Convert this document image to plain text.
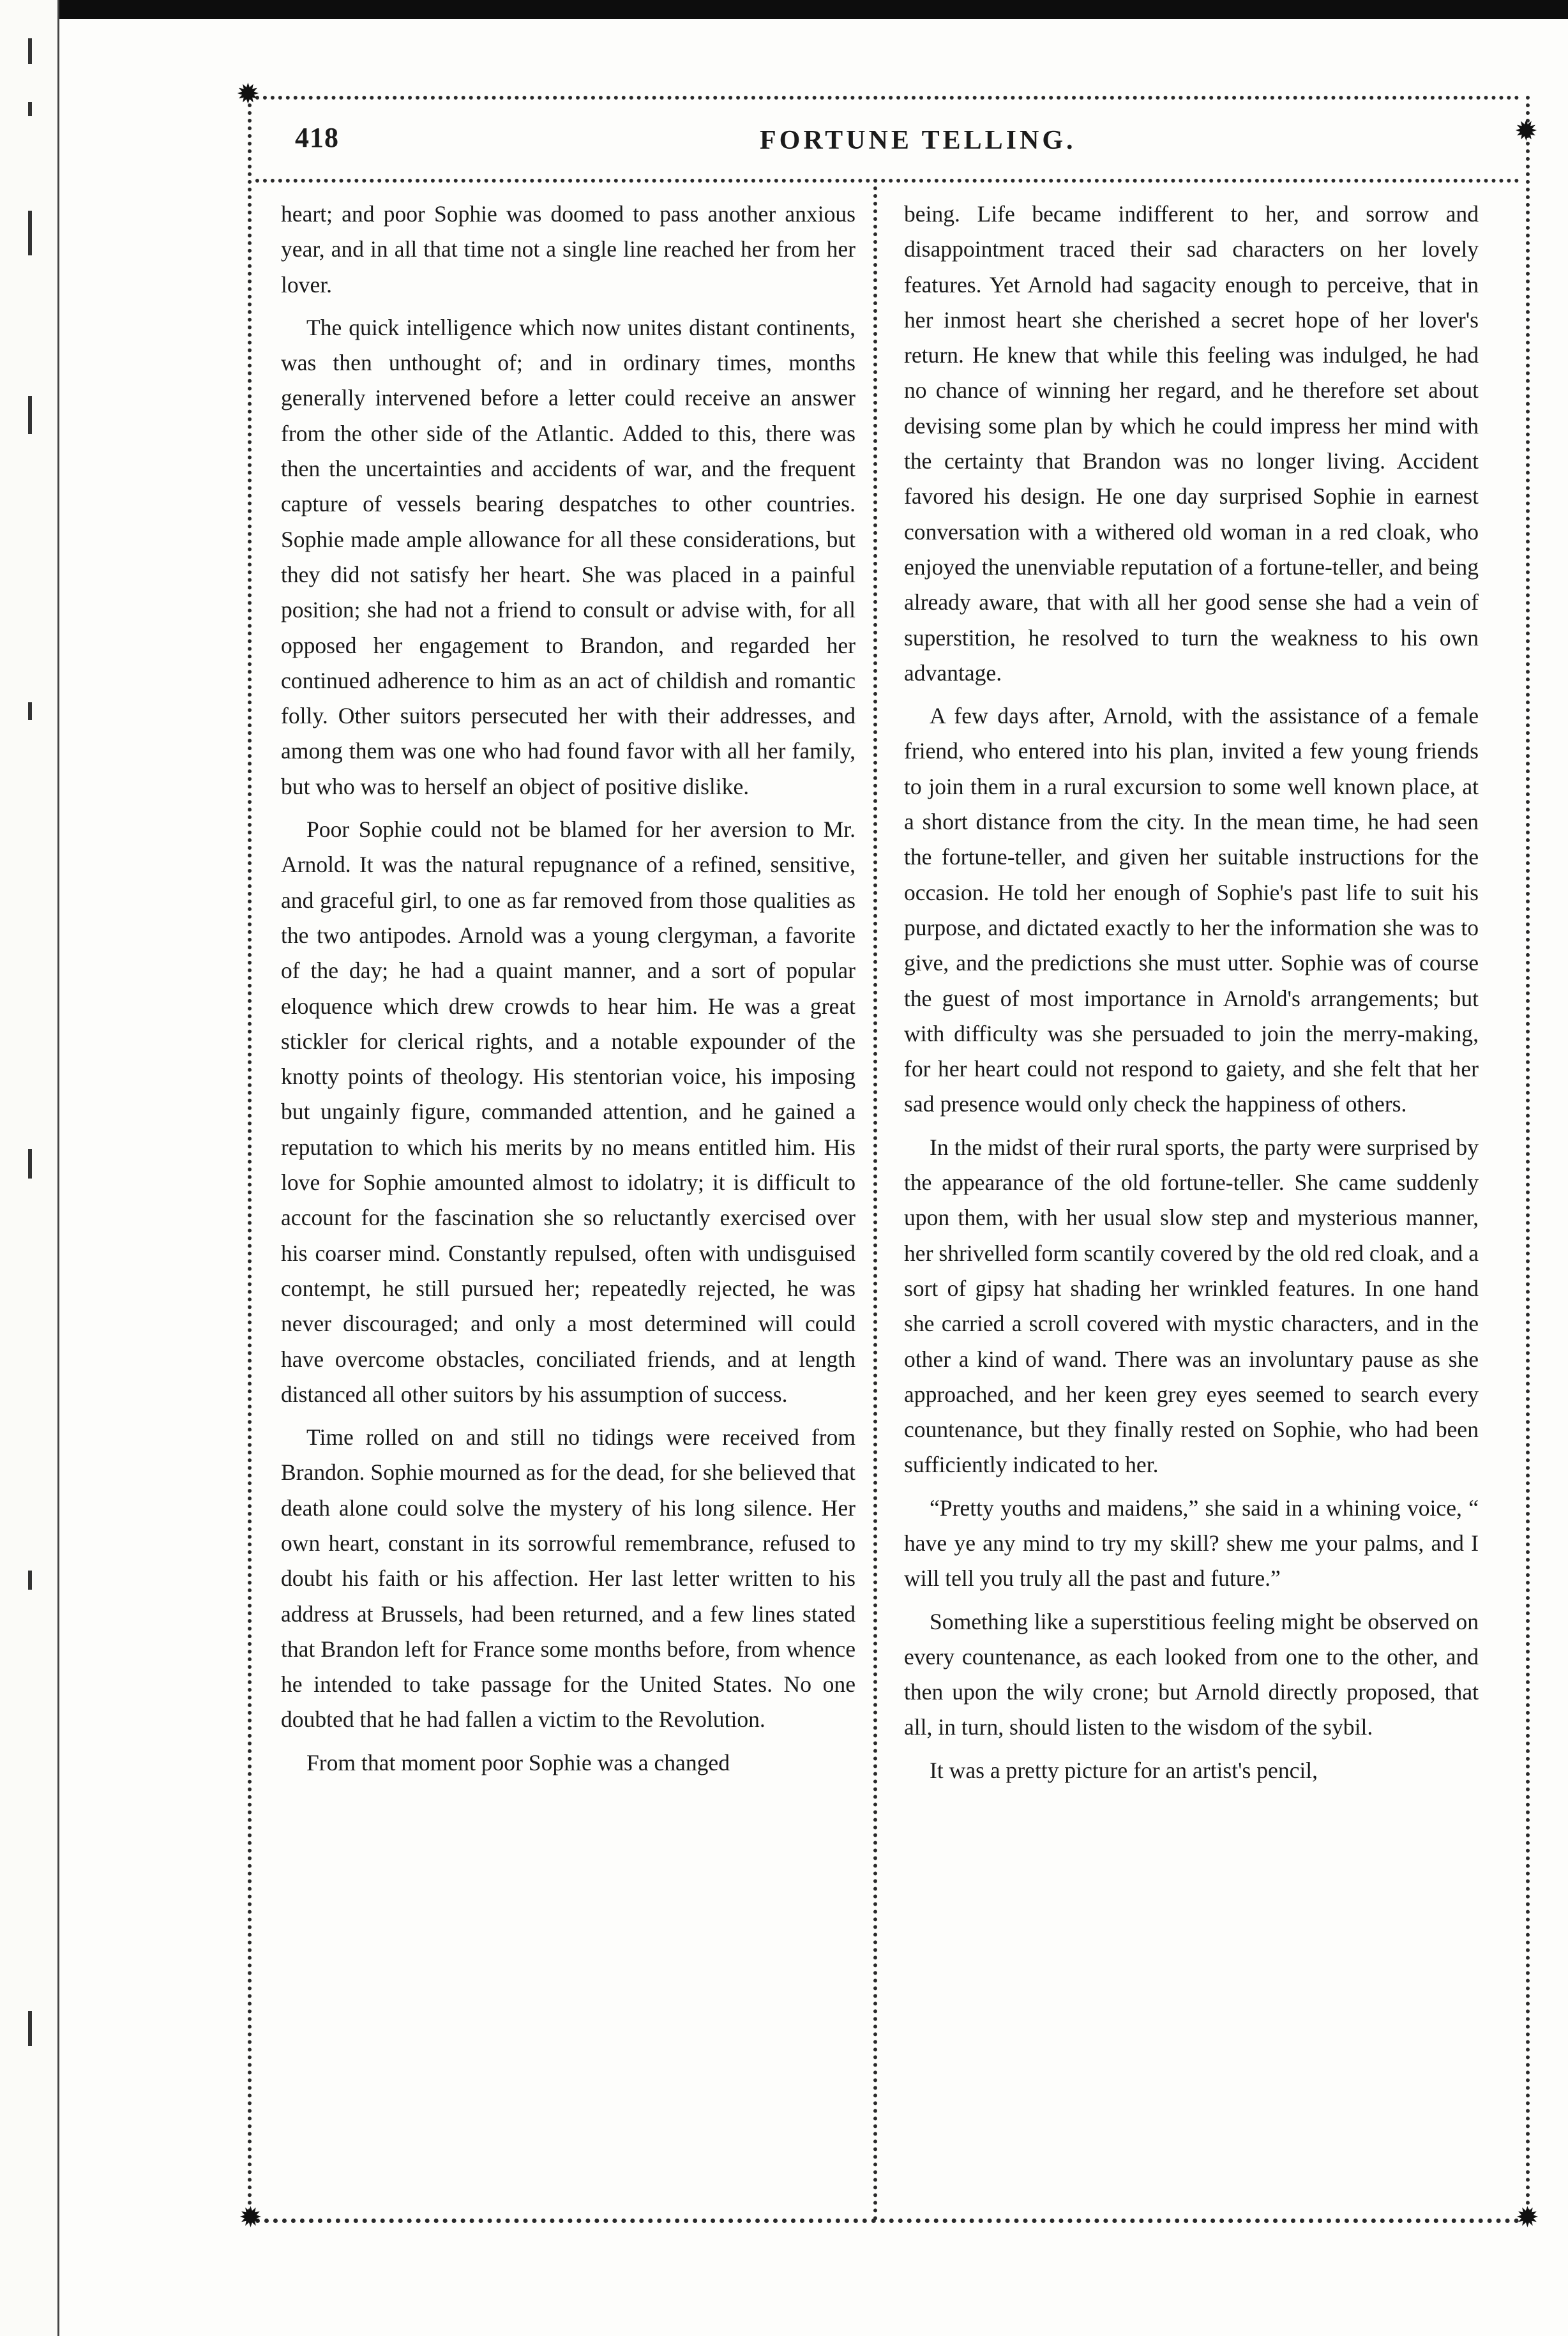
✹
✹
✹	✹
418	FORTUNE TELLING.

heart; and poor Sophie was doomed to pass another anxious year, and in all that time not a single line reached her from her lover.

The quick intelligence which now unites distant continents, was then unthought of; and in ordinary times, months generally intervened before a letter could receive an answer from the other side of the Atlantic. Added to this, there was then the uncertainties and accidents of war, and the frequent capture of vessels bearing despatches to other countries. Sophie made ample allowance for all these considerations, but they did not satisfy her heart. She was placed in a painful position; she had not a friend to consult or advise with, for all opposed her engagement to Brandon, and regarded her continued adherence to him as an act of childish and romantic folly. Other suitors persecuted her with their addresses, and among them was one who had found favor with all her family, but who was to herself an object of positive dislike.

Poor Sophie could not be blamed for her aversion to Mr. Arnold. It was the natural repugnance of a refined, sensitive, and graceful girl, to one as far removed from those qualities as the two antipodes. Arnold was a young clergyman, a favorite of the day; he had a quaint manner, and a sort of popular eloquence which drew crowds to hear him. He was a great stickler for clerical rights, and a notable expounder of the knotty points of theology. His stentorian voice, his imposing but ungainly figure, commanded attention, and he gained a reputation to which his merits by no means entitled him. His love for Sophie amounted almost to idolatry; it is difficult to account for the fascination she so reluctantly exercised over his coarser mind. Constantly repulsed, often with undisguised contempt, he still pursued her; repeatedly rejected, he was never discouraged; and only a most determined will could have overcome obstacles, conciliated friends, and at length distanced all other suitors by his assumption of success.

Time rolled on and still no tidings were received from Brandon. Sophie mourned as for the dead, for she believed that death alone could solve the mystery of his long silence. Her own heart, constant in its sorrowful remembrance, refused to doubt his faith or his affection. Her last letter written to his address at Brussels, had been returned, and a few lines stated that Brandon left for France some months before, from whence he intended to take passage for the United States. No one doubted that he had fallen a victim to the Revolution.

From that moment poor Sophie was a changed

being. Life became indifferent to her, and sorrow and disappointment traced their sad characters on her lovely features. Yet Arnold had sagacity enough to perceive, that in her inmost heart she cherished a secret hope of her lover's return. He knew that while this feeling was indulged, he had no chance of winning her regard, and he therefore set about devising some plan by which he could impress her mind with the certainty that Brandon was no longer living. Accident favored his design. He one day surprised Sophie in earnest conversation with a withered old woman in a red cloak, who enjoyed the unenviable reputation of a fortune-teller, and being already aware, that with all her good sense she had a vein of superstition, he resolved to turn the weakness to his own advantage.

A few days after, Arnold, with the assistance of a female friend, who entered into his plan, invited a few young friends to join them in a rural excursion to some well known place, at a short distance from the city. In the mean time, he had seen the fortune-teller, and given her suitable instructions for the occasion. He told her enough of Sophie's past life to suit his purpose, and dictated exactly to her the information she was to give, and the predictions she must utter. Sophie was of course the guest of most importance in Arnold's arrangements; but with difficulty was she persuaded to join the merry-making, for her heart could not respond to gaiety, and she felt that her sad presence would only check the happiness of others.

In the midst of their rural sports, the party were surprised by the appearance of the old fortune-teller. She came suddenly upon them, with her usual slow step and mysterious manner, her shrivelled form scantily covered by the old red cloak, and a sort of gipsy hat shading her wrinkled features. In one hand she carried a scroll covered with mystic characters, and in the other a kind of wand. There was an involuntary pause as she approached, and her keen grey eyes seemed to search every countenance, but they finally rested on Sophie, who had been sufficiently indicated to her.

“Pretty youths and maidens,” she said in a whining voice, “ have ye any mind to try my skill? shew me your palms, and I will tell you truly all the past and future.”

Something like a superstitious feeling might be observed on every countenance, as each looked from one to the other, and then upon the wily crone; but Arnold directly proposed, that all, in turn, should listen to the wisdom of the sybil.

It was a pretty picture for an artist's pencil,
